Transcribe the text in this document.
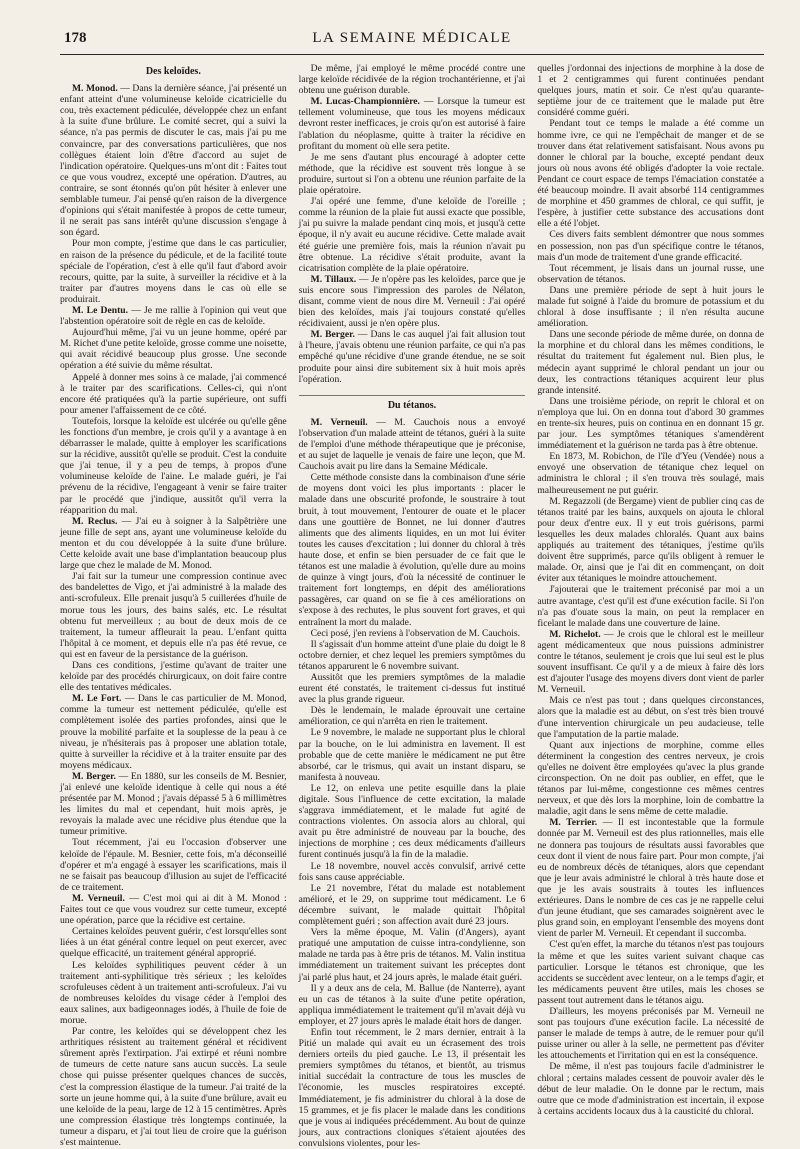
178	LA SEMAINE MÉDICALE
Des keloïdes.

M. Monod. — Dans la dernière séance, j'ai présenté un enfant atteint d'une volumineuse keloïde cicatricielle du cou, très exactement pédiculée, développée chez un enfant à la suite d'une brûlure. Le comité secret, qui a suivi la séance, n'a pas permis de discuter le cas, mais j'ai pu me convaincre, par des conversations particulières, que nos collègues étaient loin d'être d'accord au sujet de l'indication opératoire. Quelques-uns m'ont dit : Faites tout ce que vous voudrez, excepté une opération. D'autres, au contraire, se sont étonnés qu'on pût hésiter à enlever une semblable tumeur. J'ai pensé qu'en raison de la divergence d'opinions qui s'était manifestée à propos de cette tumeur, il ne serait pas sans intérêt qu'une discussion s'engage à son égard.

Pour mon compte, j'estime que dans le cas particulier, en raison de la présence du pédicule, et de la facilité toute spéciale de l'opération, c'est à elle qu'il faut d'abord avoir recours, quitte, par la suite, à surveiller la récidive et à la traiter par d'autres moyens dans le cas où elle se produirait.

M. Le Dentu. — Je me rallie à l'opinion qui veut que l'abstention opératoire soit de règle en cas de keloïde.

Aujourd'hui même, j'ai vu un jeune homme, opéré par M. Richet d'une petite keloïde, grosse comme une noisette, qui avait récidivé beaucoup plus grosse. Une seconde opération a été suivie du même résultat.

Appelé à donner mes soins à ce malade, j'ai commencé à le traiter par des scarifications. Celles-ci, qui n'ont encore été pratiquées qu'à la partie supérieure, ont suffi pour amener l'affaissement de ce côté.

Toutefois, lorsque la keloïde est ulcérée ou qu'elle gêne les fonctions d'un membre, je crois qu'il y a avantage à en débarrasser le malade, quitte à employer les scarifications sur la récidive, aussitôt qu'elle se produit. C'est la conduite que j'ai tenue, il y a peu de temps, à propos d'une volumineuse keloïde de l'aine. Le malade guéri, je l'ai prévenu de la récidive, l'engageant à venir se faire traiter par le procédé que j'indique, aussitôt qu'il verra la réapparition du mal.

M. Reclus. — J'ai eu à soigner à la Salpêtrière une jeune fille de sept ans, ayant une volumineuse keloïde du menton et du cou développée à la suite d'une brûlure. Cette keloïde avait une base d'implantation beaucoup plus large que chez le malade de M. Monod.

J'ai fait sur la tumeur une compression continue avec des bandelettes de Vigo, et j'ai administré à la malade des anti-scrofuleux. Elle prenait jusqu'à 5 cuillerées d'huile de morue tous les jours, des bains salés, etc. Le résultat obtenu fut merveilleux ; au bout de deux mois de ce traitement, la tumeur affleurait la peau. L'enfant quitta l'hôpital à ce moment, et depuis elle n'a pas été revue, ce qui est en faveur de la persistance de la guérison.

Dans ces conditions, j'estime qu'avant de traiter une keloïde par des procédés chirurgicaux, on doit faire contre elle des tentatives médicales.

M. Le Fort. — Dans le cas particulier de M. Monod, comme la tumeur est nettement pédiculée, qu'elle est complètement isolée des parties profondes, ainsi que le prouve la mobilité parfaite et la souplesse de la peau à ce niveau, je n'hésiterais pas à proposer une ablation totale, quitte à surveiller la récidive et à la traiter ensuite par des moyens médicaux.

M. Berger. — En 1880, sur les conseils de M. Besnier, j'ai enlevé une keloïde identique à celle qui nous a été présentée par M. Monod ; j'avais dépassé 5 à 6 millimètres les limites du mal et cependant, huit mois après, je revoyais la malade avec une récidive plus étendue que la tumeur primitive.

Tout récemment, j'ai eu l'occasion d'observer une keloïde de l'épaule. M. Besnier, cette fois, m'a déconseillé d'opérer et m'a engagé à essayer les scarifications, mais il ne se faisait pas beaucoup d'illusion au sujet de l'efficacité de ce traitement.

M. Verneuil. — C'est moi qui ai dit à M. Monod : Faites tout ce que vous voudrez sur cette tumeur, excepté une opération, parce que la récidive est certaine.

Certaines keloïdes peuvent guérir, c'est lorsqu'elles sont liées à un état général contre lequel on peut exercer, avec quelque efficacité, un traitement général approprié.

Les keloïdes syphilitiques peuvent céder à un traitement anti-syphilitique très sérieux ; les keloïdes scrofuleuses cèdent à un traitement anti-scrofuleux. J'ai vu de nombreuses keloïdes du visage céder à l'emploi des eaux salines, aux badigeonnages iodés, à l'huile de foie de morue.

Par contre, les keloïdes qui se développent chez les arthritiques résistent au traitement général et récidivent sûrement après l'extirpation. J'ai extirpé et réuni nombre de tumeurs de cette nature sans aucun succès. La seule chose qui puisse présenter quelques chances de succès, c'est la compression élastique de la tumeur. J'ai traité de la sorte un jeune homme qui, à la suite d'une brûlure, avait eu une keloïde de la peau, large de 12 à 15 centimètres. Après une compression élastique très longtemps continuée, la tumeur a disparu, et j'ai tout lieu de croire que la guérison s'est maintenue.

De même, j'ai employé le même procédé contre une large keloïde récidivée de la région trochantérienne, et j'ai obtenu une guérison durable.

M. Lucas-Championnière. — Lorsque la tumeur est tellement volumineuse, que tous les moyens médicaux devront rester inefficaces, je crois qu'on est autorisé à faire l'ablation du néoplasme, quitte à traiter la récidive en profitant du moment où elle sera petite.

Je me sens d'autant plus encouragé à adopter cette méthode, que la récidive est souvent très longue à se produire, surtout si l'on a obtenu une réunion parfaite de la plaie opératoire.

J'ai opéré une femme, d'une keloïde de l'oreille ; comme la réunion de la plaie fut aussi exacte que possible, j'ai pu suivre la malade pendant cinq mois, et jusqu'à cette époque, il n'y avait eu aucune récidive. Cette malade avait été guérie une première fois, mais la réunion n'avait pu être obtenue. La récidive s'était produite, avant la cicatrisation complète de la plaie opératoire.

M. Tillaux. — Je n'opère pas les keloïdes, parce que je suis encore sous l'impression des paroles de Nélaton, disant, comme vient de nous dire M. Verneuil : J'ai opéré bien des keloïdes, mais j'ai toujours constaté qu'elles récidivaient, aussi je n'en opère plus.

M. Berger. — Dans le cas auquel j'ai fait allusion tout à l'heure, j'avais obtenu une réunion parfaite, ce qui n'a pas empêché qu'une récidive d'une grande étendue, ne se soit produite pour ainsi dire subitement six à huit mois après l'opération.

Du tétanos.

M. Verneuil. — M. Cauchois nous a envoyé l'observation d'un malade atteint de tétanos, guéri à la suite de l'emploi d'une méthode thérapeutique que je préconise, et au sujet de laquelle je venais de faire une leçon, que M. Cauchois avait pu lire dans la Semaine Médicale.

Cette méthode consiste dans la combinaison d'une série de moyens dont voici les plus importants : placer le malade dans une obscurité profonde, le soustraire à tout bruit, à tout mouvement, l'entourer de ouate et le placer dans une gouttière de Bonnet, ne lui donner d'autres aliments que des aliments liquides, en un mot lui éviter toutes les causes d'excitation ; lui donner du chloral à très haute dose, et enfin se bien persuader de ce fait que le tétanos est une maladie à évolution, qu'elle dure au moins de quinze à vingt jours, d'où la nécessité de continuer le traitement fort longtemps, en dépit des améliorations passagères, car quand on se fie à ces améliorations on s'expose à des rechutes, le plus souvent fort graves, et qui entraînent la mort du malade.

Ceci posé, j'en reviens à l'observation de M. Cauchois.

Il s'agissait d'un homme atteint d'une plaie du doigt le 8 octobre dernier, et chez lequel les premiers symptômes du tétanos apparurent le 6 novembre suivant.

Aussitôt que les premiers symptômes de la maladie eurent été constatés, le traitement ci-dessus fut institué avec la plus grande rigueur.

Dès le lendemain, le malade éprouvait une certaine amélioration, ce qui n'arrêta en rien le traitement.

Le 9 novembre, le malade ne supportant plus le chloral par la bouche, on le lui administra en lavement. Il est probable que de cette manière le médicament ne put être absorbé, car le trismus, qui avait un instant disparu, se manifesta à nouveau.

Le 12, on enleva une petite esquille dans la plaie digitale. Sous l'influence de cette excitation, la malade s'aggrava immédiatement, et le malade fut agité de contractions violentes. On associa alors au chloral, qui avait pu être administré de nouveau par la bouche, des injections de morphine ; ces deux médicaments d'ailleurs furent continués jusqu'à la fin de la maladie.

Le 18 novembre, nouvel accès convulsif, arrivé cette fois sans cause appréciable.

Le 21 novembre, l'état du malade est notablement amélioré, et le 29, on supprime tout médicament. Le 6 décembre suivant, le malade quittait l'hôpital complètement guéri ; son affection avait duré 23 jours.

Vers la même époque, M. Valin (d'Angers), ayant pratiqué une amputation de cuisse intra-condylienne, son malade ne tarda pas à être pris de tétanos. M. Valin institua immédiatement un traitement suivant les préceptes dont j'ai parlé plus haut, et 24 jours après, le malade était guéri.

Il y a deux ans de cela, M. Ballue (de Nanterre), ayant eu un cas de tétanos à la suite d'une petite opération, appliqua immédiatement le traitement qu'il m'avait déjà vu employer, et 27 jours après le malade était hors de danger.

Enfin tout récemment, le 2 mars dernier, entrait à la Pitié un malade qui avait eu un écrasement des trois derniers orteils du pied gauche. Le 13, il présentait les premiers symptômes du tétanos, et bientôt, au trismus initial succédait la contracture de tous les muscles de l'économie, les muscles respiratoires excepté. Immédiatement, je fis administrer du chloral à la dose de 15 grammes, et je fis placer le malade dans les conditions que je vous ai indiquées précédemment. Au bout de quinze jours, aux contractions cloniques s'étaient ajoutées des convulsions violentes, pour les-

quelles j'ordonnai des injections de morphine à la dose de 1 et 2 centigrammes qui furent continuées pendant quelques jours, matin et soir. Ce n'est qu'au quarante-septième jour de ce traitement que le malade put être considéré comme guéri.

Pendant tout ce temps le malade a été comme un homme ivre, ce qui ne l'empêchait de manger et de se trouver dans état relativement satisfaisant. Nous avons pu donner le chloral par la bouche, excepté pendant deux jours où nous avons été obligés d'adopter la voie rectale. Pendant ce court espace de temps l'émaciation constatée a été beaucoup moindre. Il avait absorbé 114 centigrammes de morphine et 450 grammes de chloral, ce qui suffit, je l'espère, à justifier cette substance des accusations dont elle a été l'objet.

Ces divers faits semblent démontrer que nous sommes en possession, non pas d'un spécifique contre le tétanos, mais d'un mode de traitement d'une grande efficacité.

Tout récemment, je lisais dans un journal russe, une observation de tétanos.

Dans une première période de sept à huit jours le malade fut soigné à l'aide du bromure de potassium et du chloral à dose insuffisante ; il n'en résulta aucune amélioration.

Dans une seconde période de même durée, on donna de la morphine et du chloral dans les mêmes conditions, le résultat du traitement fut également nul. Bien plus, le médecin ayant supprimé le chloral pendant un jour ou deux, les contractions tétaniques acquirent leur plus grande intensité.

Dans une troisième période, on reprit le chloral et on n'employa que lui. On en donna tout d'abord 30 grammes en trente-six heures, puis on continua en en donnant 15 gr. par jour. Les symptômes tétaniques s'amendèrent immédiatement et la guérison ne tarda pas à être obtenue.

En 1873, M. Robichon, de l'île d'Yeu (Vendée) nous a envoyé une observation de tétanique chez lequel on administra le chloral ; il s'en trouva très soulagé, mais malheureusement ne put guérir.

M. Regazzoli (de Bergame) vient de publier cinq cas de tétanos traité par les bains, auxquels on ajouta le chloral pour deux d'entre eux. Il y eut trois guérisons, parmi lesquelles les deux malades chloralés. Quant aux bains appliqués au traitement des tétaniques, j'estime qu'ils doivent être supprimés, parce qu'ils obligent à remuer le malade. Or, ainsi que je l'ai dit en commençant, on doit éviter aux tétaniques le moindre attouchement.

J'ajouterai que le traitement préconisé par moi a un autre avantage, c'est qu'il est d'une exécution facile. Si l'on n'a pas d'ouate sous la main, on peut la remplacer en ficelant le malade dans une couverture de laine.

M. Richelot. — Je crois que le chloral est le meilleur agent médicamenteux que nous puissions administrer contre le tétanos, seulement je crois que lui seul est le plus souvent insuffisant. Ce qu'il y a de mieux à faire dès lors est d'ajouter l'usage des moyens divers dont vient de parler M. Verneuil.

Mais ce n'est pas tout ; dans quelques circonstances, alors que la maladie est au début, on s'est très bien trouvé d'une intervention chirurgicale un peu audacieuse, telle que l'amputation de la partie malade.

Quant aux injections de morphine, comme elles déterminent la congestion des centres nerveux, je crois qu'elles ne doivent être employées qu'avec la plus grande circonspection. On ne doit pas oublier, en effet, que le tétanos par lui-même, congestionne ces mêmes centres nerveux, et que dès lors la morphine, loin de combattre la maladie, agit dans le sens même de cette maladie.

M. Terrier. — Il est incontestable que la formule donnée par M. Verneuil est des plus rationnelles, mais elle ne donnera pas toujours de résultats aussi favorables que ceux dont il vient de nous faire part. Pour mon compte, j'ai eu de nombreux décès de tétaniques, alors que cependant que je leur avais administré le chloral à très haute dose et que je les avais soustraits à toutes les influences extérieures. Dans le nombre de ces cas je ne rappelle celui d'un jeune étudiant, que ses camarades soignèrent avec le plus grand soin, en employant l'ensemble des moyens dont vient de parler M. Verneuil. Et cependant il succomba.

C'est qu'en effet, la marche du tétanos n'est pas toujours la même et que les suites varient suivant chaque cas particulier. Lorsque le tétanos est chronique, que les accidents se succèdent avec lenteur, on a le temps d'agir, et les médicaments peuvent être utiles, mais les choses se passent tout autrement dans le tétanos aigu.

D'ailleurs, les moyens préconisés par M. Verneuil ne sont pas toujours d'une exécution facile. La nécessité de panser le malade de temps à autre, de le remuer pour qu'il puisse uriner ou aller à la selle, ne permettent pas d'éviter les attouchements et l'irritation qui en est la conséquence.

De même, il n'est pas toujours facile d'administrer le chloral ; certains malades cessent de pouvoir avaler dès le début de leur maladie. On le donne par le rectum, mais outre que ce mode d'administration est incertain, il expose à certains accidents locaux dus à la causticité du chloral.
